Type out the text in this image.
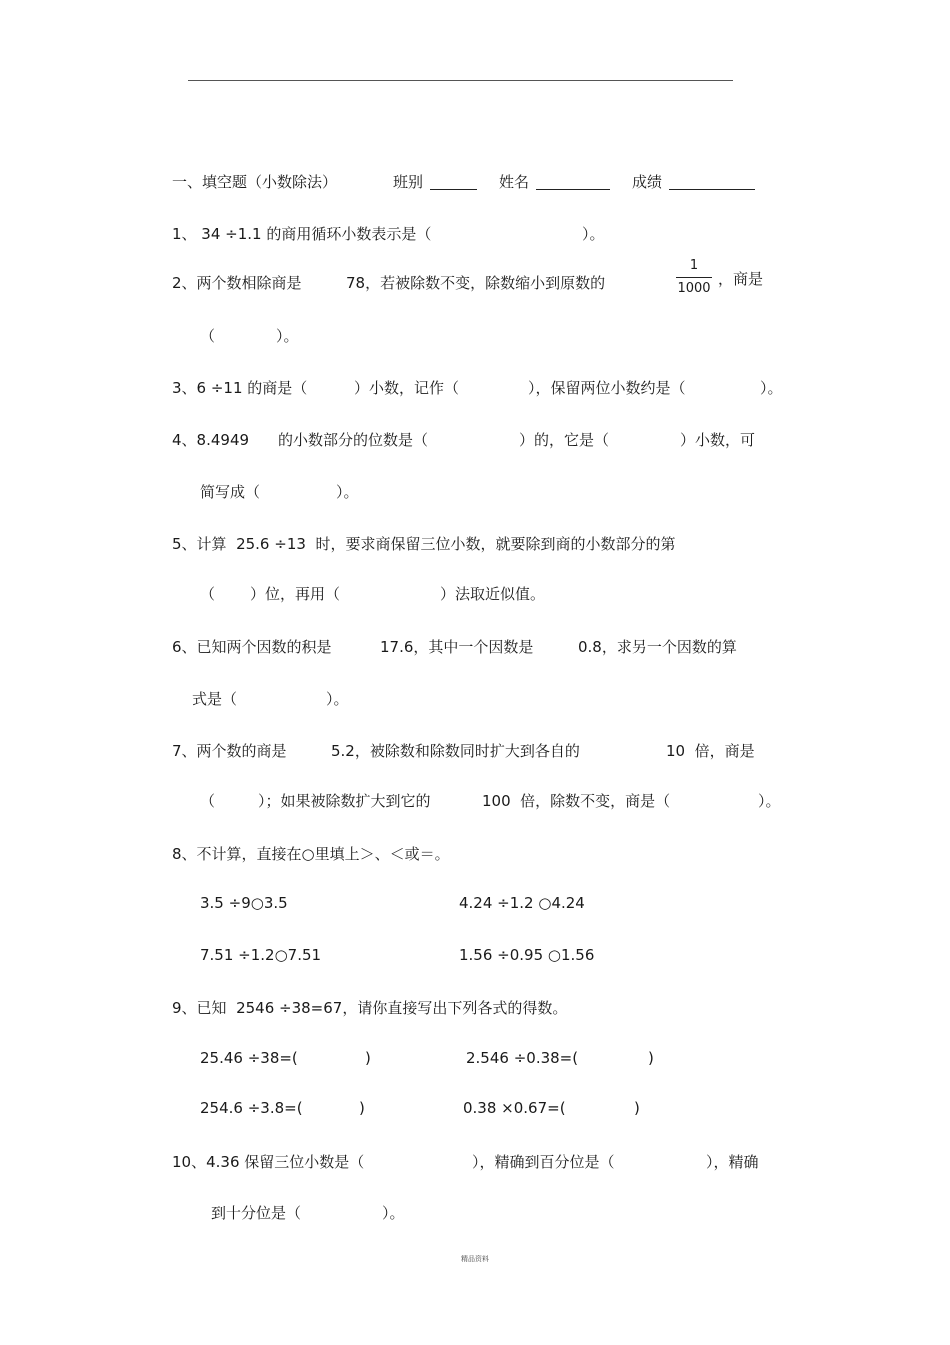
一、填空题（小数除法）	班别	姓名	成绩
1、 34 ÷1.1 的商用循环小数表示是（	）。
2、两个数相除商是	78，若被除数不变，除数缩小到原数的
1
1000
，商是
（	）。
3、6 ÷11 的商是（	）小数，记作（	），保留两位小数约是（	）。
4、8.4949 的小数部分的位数是（	）的，它是（	）小数，可
简写成（	）。
5、计算  25.6 ÷13  时，要求商保留三位小数，就要除到商的小数部分的第
（ ）位，再用（	）法取近似值。
6、已知两个因数的积是	17.6，其中一个因数是	0.8，求另一个因数的算
式是（	）。
7、两个数的商是	5.2，被除数和除数同时扩大到各自的	10  倍，商是
（	）；如果被除数扩大到它的	100  倍，除数不变，商是（	）。
8、不计算，直接在○里填上＞、＜或＝。
3.5 ÷9○3.5	4.24 ÷1.2 ○4.24
7.51 ÷1.2○7.51	1.56 ÷0.95 ○1.56
9、已知  2546 ÷38=67，请你直接写出下列各式的得数。
25.46 ÷38=(	)	2.546 ÷0.38=(	)
254.6 ÷3.8=(	)	0.38 ×0.67=(	)
10、4.36 保留三位小数是（	），精确到百分位是（	），精确
到十分位是（	）。
精品资料
